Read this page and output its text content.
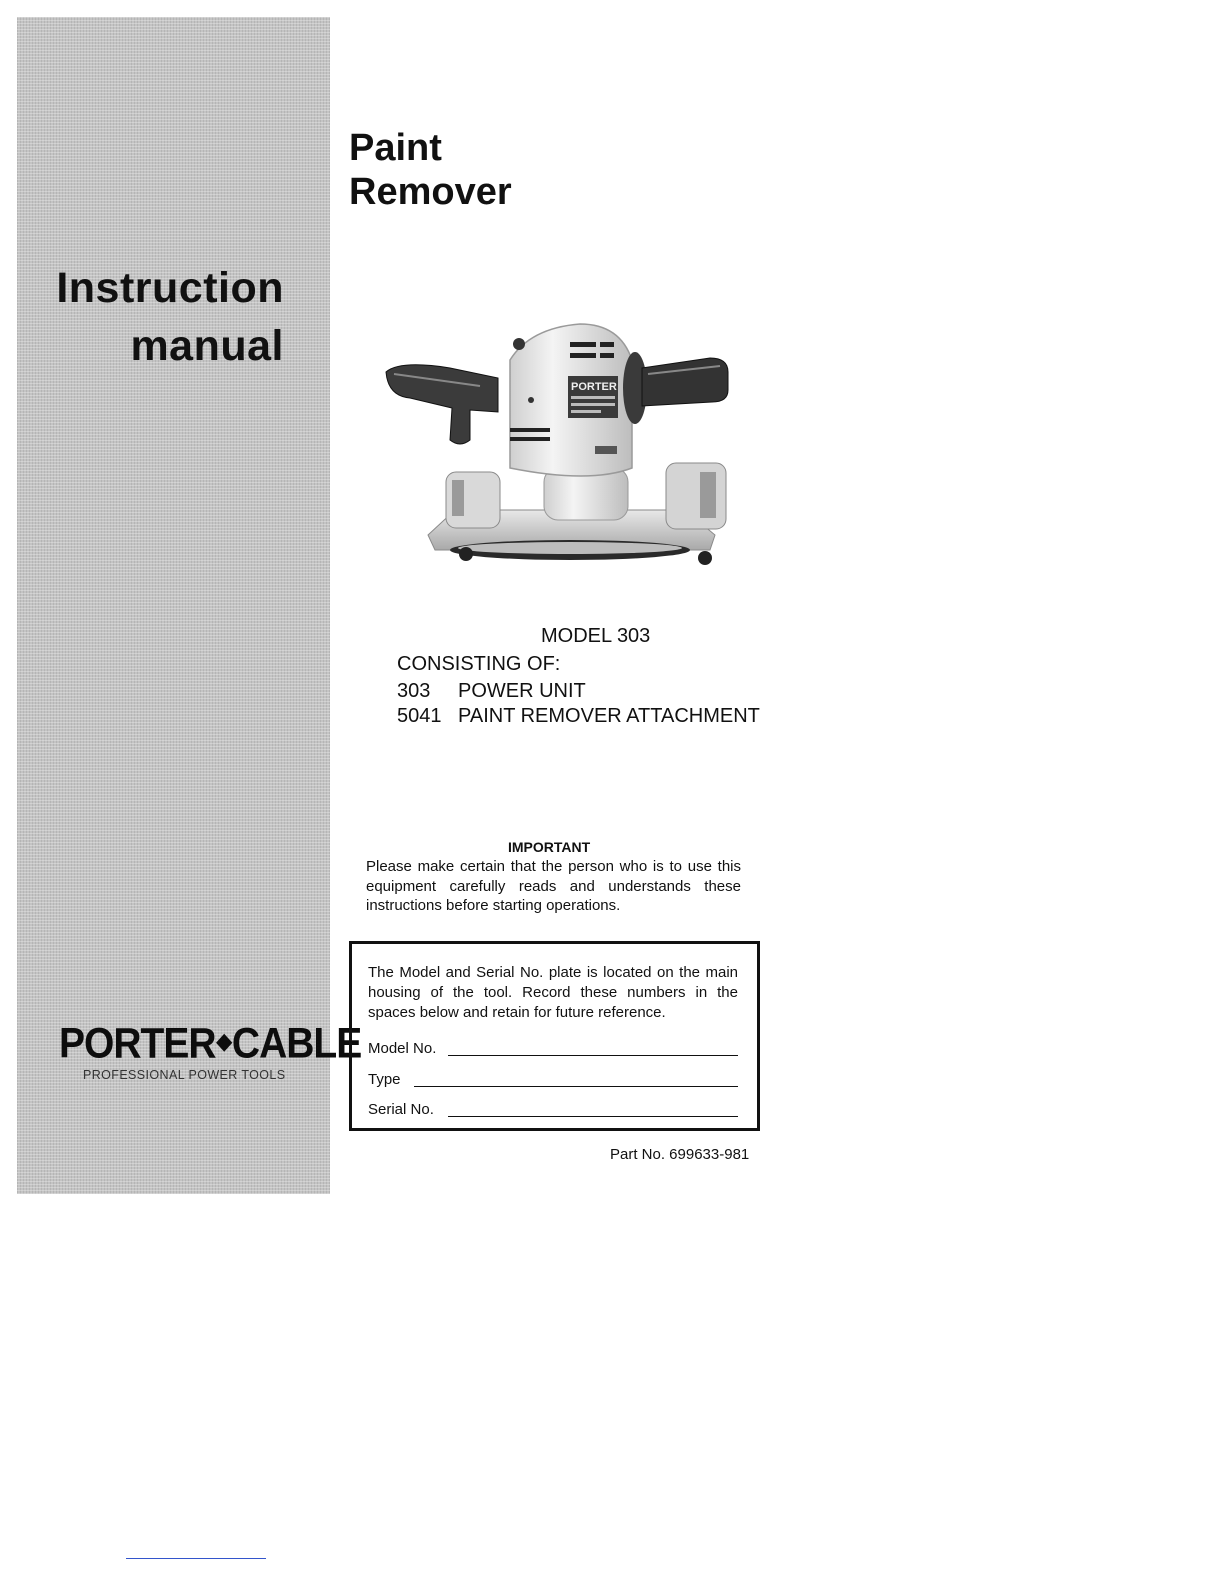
Instruction
manual
PORTER◆CABLE
PROFESSIONAL POWER TOOLS
Paint
Remover
PORTER
MODEL 303
CONSISTING OF:
303 POWER UNIT
5041 PAINT REMOVER ATTACHMENT
IMPORTANT
Please make certain that the person who is to use this equipment carefully reads and understands these instructions before starting operations.
The Model and Serial No. plate is located on the main housing of the tool. Record these numbers in the spaces below and retain for future reference.
Model No.
Type
Serial No.
Part No. 699633-981
